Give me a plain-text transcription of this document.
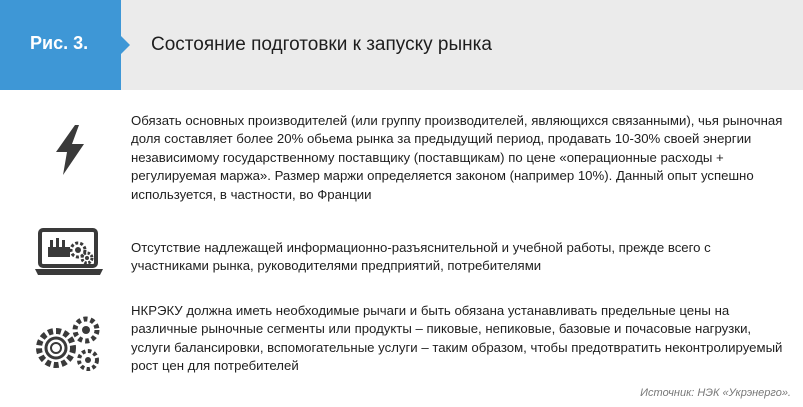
Рис. 3.	Состояние подготовки к запуску рынка
Обязать основных производителей (или группу производителей, являющихся связанными), чья рыночная доля составляет более 20% обьема рынка за предыдущий период, продавать 10-30% своей энергии независимому государственному поставщику (поставщикам) по цене «операционные расходы + регулируемая маржа». Размер маржи определяется законом (например 10%). Данный опыт успешно используется, в частности, во Франции
Отсутствие надлежащей информационно-разъяснительной и учебной работы, прежде всего с участниками рынка, руководителями предприятий, потребителями
НКРЭКУ должна иметь необходимые рычаги и быть обязана устанавливать предельные цены на различные рыночные сегменты или продукты – пиковые, непиковые, базовые и почасовые нагрузки, услуги балансировки, вспомогательные услуги – таким образом, чтобы предотвратить неконтролируемый рост цен для потребителей
Источник: НЭК «Укрэнерго».
